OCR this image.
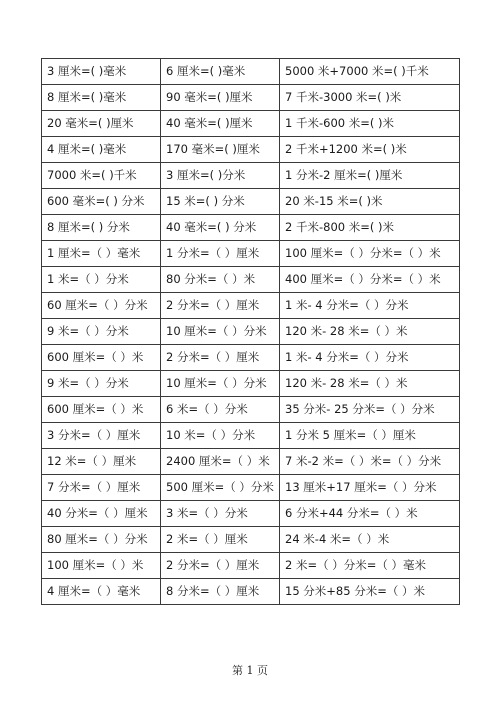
3 厘米=( )毫米	6 厘米=( )毫米	5000 米+7000 米=( )千米
8 厘米=( )毫米	90 毫米=( )厘米	7 千米-3000 米=( )米
20 毫米=( )厘米	40 毫米=( )厘米	1 千米-600 米=( )米
4 厘米=( )毫米	170 毫米=( )厘米	2 千米+1200 米=( )米
7000 米=( )千米	3 厘米=( )分米	1 分米-2 厘米=( )厘米
600 毫米=( ) 分米	15 米=( ) 分米	20 米-15 米=( )米
8 厘米=( ) 分米	40 毫米=( ) 分米	2 千米-800 米=( )米
1 厘米=（ ）毫米	1 分米=（ ）厘米	100 厘米=（ ）分米=（ ）米
1 米=（ ）分米	80 分米=（ ）米	400 厘米=（ ）分米=（ ）米
60 厘米=（ ）分米	2 分米=（ ）厘米	1 米- 4 分米=（ ）分米
9 米=（ ）分米	10 厘米=（ ）分米	120 米- 28 米=（ ）米
600 厘米=（ ）米	2 分米=（ ）厘米	1 米- 4 分米=（ ）分米
9 米=（ ）分米	10 厘米=（ ）分米	120 米- 28 米=（ ）米
600 厘米=（ ）米	6 米=（ ）分米	35 分米- 25 分米=（ ）分米
3 分米=（ ）厘米	10 米=（ ）分米	1 分米 5 厘米=（ ）厘米
12 米=（ ）厘米	2400 厘米=（ ）米	7 米-2 米=（ ）米=（ ）分米
7 分米=（ ）厘米	500 厘米=（ ）分米	13 厘米+17 厘米=（ ）分米
40 分米=（ ）厘米	3 米=（ ）分米	6 分米+44 分米=（ ）米
80 厘米=（ ）分米	2 米=（ ）厘米	24 米-4 米=（ ）米
100 厘米=（ ）米	2 分米=（ ）厘米	2 米=（ ）分米=（ ）毫米
4 厘米=（ ）毫米	8 分米=（ ）厘米	15 分米+85 分米=（ ）米
第 1 页
